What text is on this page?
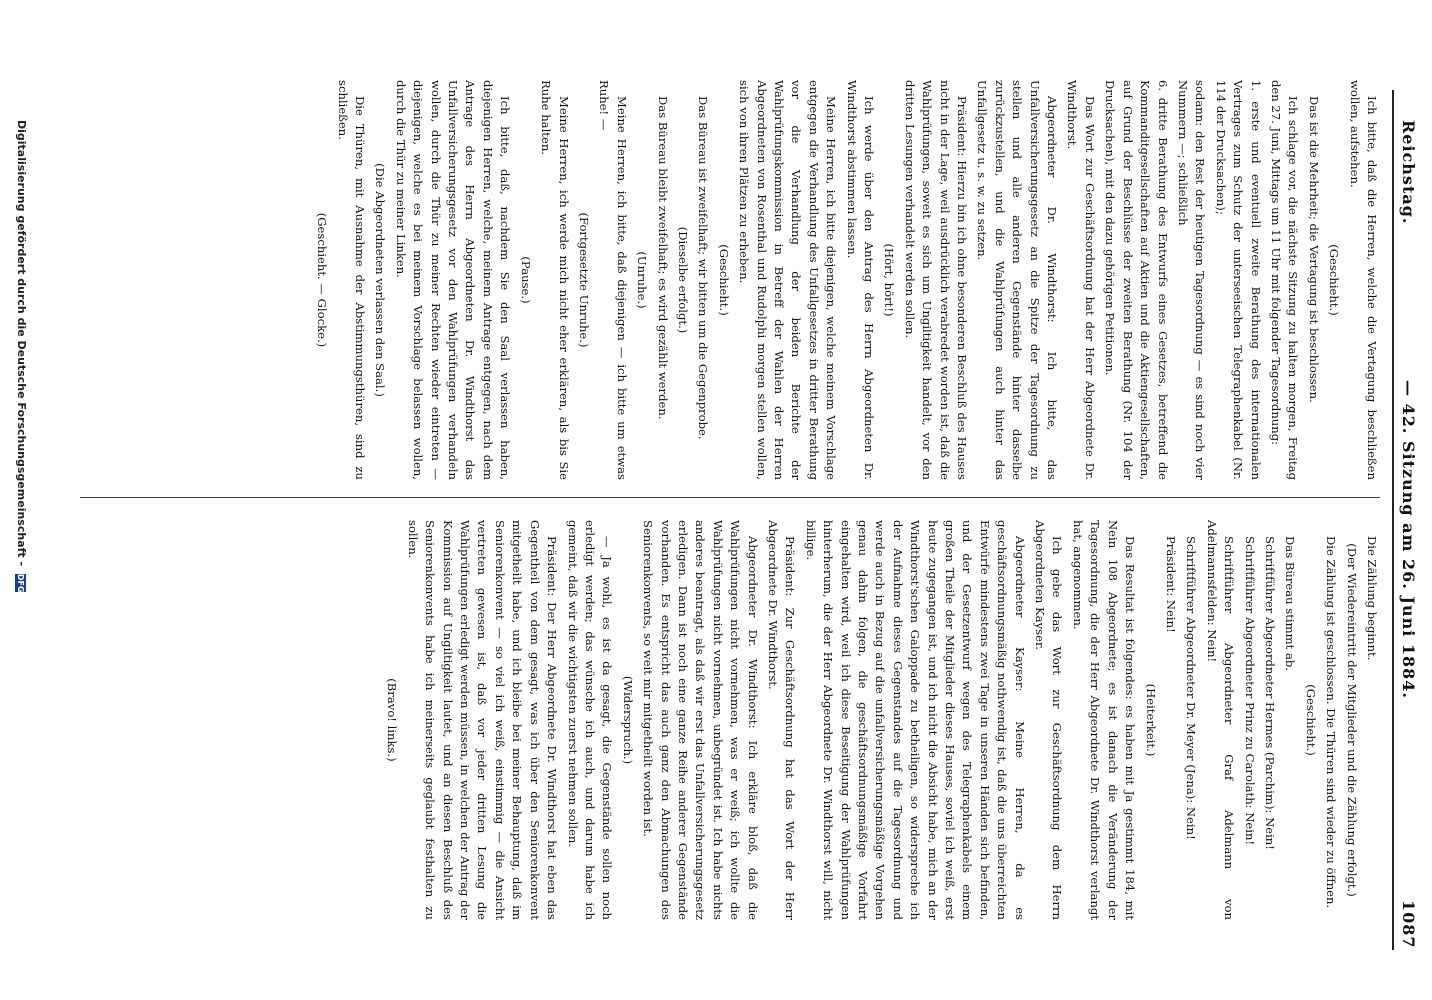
Reichstag.
— 42. Sitzung am 26. Juni 1884.
1087

Ich bitte, daß die Herren, welche die Vertagung beschließen wollen, aufstehen.

(Geschieht.)

Das ist die Mehrheit; die Vertagung ist beschlossen.

Ich schlage vor, die nächste Sitzung zu halten morgen, Freitag den 27. Juni, Mittags um 11 Uhr mit folgender Tagesordnung:

1. erste und eventuell zweite Berathung des internationalen Vertrages zum Schutz der unterseeischen Telegraphenkabel (Nr. 114 der Drucksachen);

sodann: den Rest der heutigen Tagesordnung — es sind noch vier Nummern —; schließlich

6. dritte Berathung des Entwurfs eines Gesetzes, betreffend die Kommanditgesellschaften auf Aktien und die Aktiengesellschaften, auf Grund der Beschlüsse der zweiten Berathung (Nr. 104 der Drucksachen), mit den dazu gehörigen Petitionen.

Das Wort zur Geschäftsordnung hat der Herr Abgeordnete Dr. Windthorst.

Abgeordneter Dr. Windthorst: Ich bitte, das Unfallversicherungsgesetz an die Spitze der Tagesordnung zu stellen und alle anderen Gegenstände hinter dasselbe zurückzustellen, und die Wahlprüfungen auch hinter das Unfallgesetz u. s. w. zu setzen.

Präsident: Hierzu bin ich ohne besonderen Beschluß des Hauses nicht in der Lage, weil ausdrücklich verabredet worden ist, daß die Wahlprüfungen, soweit es sich um Ungiltigkeit handelt, vor den dritten Lesungen verhandelt werden sollen.

(Hört, hört!)

Ich werde über den Antrag des Herrn Abgeordneten Dr. Windthorst abstimmen lassen.

Meine Herren, ich bitte diejenigen, welche meinem Vorschlage entgegen die Verhandlung des Unfallgesetzes in dritter Berathung vor die Verhandlung der beiden Berichte der Wahlprüfungskommission in Betreff der Wahlen der Herren Abgeordneten von Rosenthal und Rudolphi morgen stellen wollen, sich von ihren Plätzen zu erheben.

(Geschieht.)

Das Büreau ist zweifelhaft; wir bitten um die Gegenprobe.

(Dieselbe erfolgt.)

Das Büreau bleibt zweifelhaft; es wird gezählt werden.

(Unruhe.)

Meine Herren, ich bitte, daß diejenigen — ich bitte um etwas Ruhe! —

(Fortgesetzte Unruhe.)

Meine Herren, ich werde mich nicht eher erklären, als bis Sie Ruhe halten.

(Pause.)

Ich bitte, daß, nachdem Sie den Saal verlassen haben, diejenigen Herren, welche, meinem Antrage entgegen, nach dem Antrage des Herrn Abgeordneten Dr. Windthorst das Unfallversicherungsgesetz vor den Wahlprüfungen verhandeln wollen, durch die Thür zu meiner Rechten wieder eintreten — diejenigen, welche es bei meinem Vorschlage belassen wollen, durch die Thür zu meiner Linken.

(Die Abgeordneten verlassen den Saal.)

Die Thüren, mit Ausnahme der Abstimmungsthüren, sind zu schließen.

(Geschieht. — Glocke.)

Die Zählung beginnt.

(Der Wiedereintritt der Mitglieder und die Zählung erfolgt.)

Die Zählung ist geschlossen. Die Thüren sind wieder zu öffnen.

(Geschieht.)

Das Büreau stimmt ab.

Schriftführer Abgeordneter Hermes (Parchim): Nein!

Schriftführer Abgeordneter Prinz zu Carolath: Nein!

Schriftführer Abgeordneter Graf Adelmann von Adelmannsfelden: Nein!

Schriftführer Abgeordneter Dr. Meyer (Jena): Nein!

Präsident: Nein!

(Heiterkeit.)

Das Resultat ist folgendes: es haben mit Ja gestimmt 184, mit Nein 108 Abgeordnete; es ist danach die Veränderung der Tagesordnung, die der Herr Abgeordnete Dr. Windthorst verlangt hat, angenommen.

Ich gebe das Wort zur Geschäftsordnung dem Herrn Abgeordneten Kayser.

Abgeordneter Kayser: Meine Herren, da es geschäftsordnungsmäßig nothwendig ist, daß die uns überreichten Entwürfe mindestens zwei Tage in unseren Händen sich befinden, und der Gesetzentwurf wegen des Telegraphenkabels einem großen Theile der Mitglieder dieses Hauses, soviel ich weiß, erst heute zugegangen ist, und ich nicht die Absicht habe, mich an der Windthorst'schen Galoppade zu betheiligen, so widerspreche ich der Aufnahme dieses Gegenstandes auf die Tagesordnung und werde auch in Bezug auf die unfallversicherungsmäßige Vorgehen genau dahin folgen, die geschäftsordnungsmäßige Vorfahrt eingehalten wird, weil ich diese Beseitigung der Wahlprüfungen hinterherum, die der Herr Abgeordnete Dr. Windthorst will, nicht billige.

Präsident: Zur Geschäftsordnung hat das Wort der Herr Abgeordnete Dr. Windthorst.

Abgeordneter Dr. Windthorst: Ich erkläre bloß, daß die Wahlprüfungen nicht vornehmen, was er weiß; ich wollte die Wahlprüfungen nicht vornehmen, unbegründet ist. Ich habe nichts anderes beantragt, als daß wir erst das Unfallversicherungsgesetz erledigen. Dann ist noch eine ganze Reihe anderer Gegenstände vorhanden. Es entspricht das auch ganz den Abmachungen des Seniorenkonvents, so weit mir mitgetheilt worden ist.

(Widerspruch.)

— Ja wohl, es ist da gesagt, die Gegenstände sollen noch erledigt werden; das wünsche ich auch, und darum habe ich gemeint, daß wir die wichtigsten zuerst nehmen sollen.

Präsident: Der Herr Abgeordnete Dr. Windthorst hat eben das Gegentheil von dem gesagt, was ich über den Seniorenkonvent mitgetheilt habe, und ich bleibe bei meiner Behauptung, daß im Seniorenkonvent — so viel ich weiß, einstimmig — die Ansicht vertreten gewesen ist, daß vor jeder dritten Lesung die Wahlprüfungen erledigt werden müssen, in welchen der Antrag der Kommission auf Ungiltigkeit lautet, und an diesen Beschluß des Seniorenkonvents habe ich meinerseits geglaubt festhalten zu sollen.

(Bravo! links.)

Digitalisierung gefördert durch die Deutsche Forschungsgemeinschaft - DFG
